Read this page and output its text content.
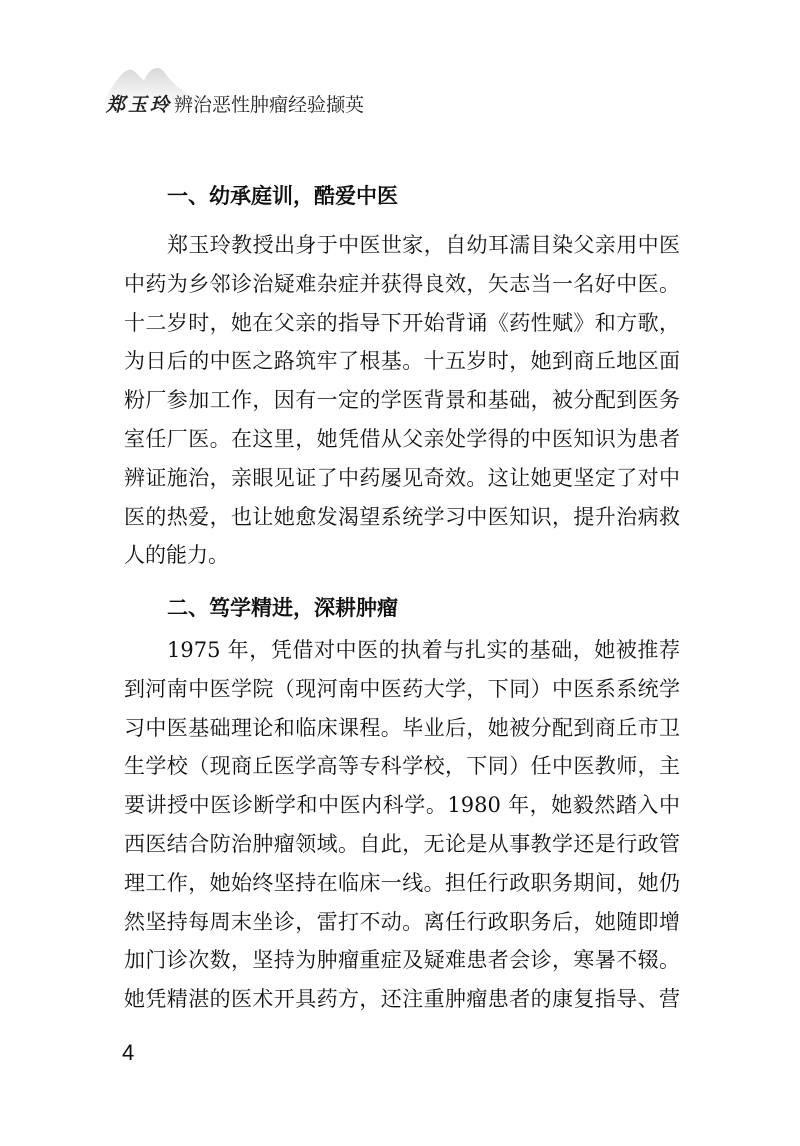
郑玉玲 辨治恶性肿瘤经验撷英
一、幼承庭训，酷爱中医
郑玉玲教授出身于中医世家，自幼耳濡目染父亲用中医
中药为乡邻诊治疑难杂症并获得良效，矢志当一名好中医。
十二岁时，她在父亲的指导下开始背诵《药性赋》和方歌，
为日后的中医之路筑牢了根基。十五岁时，她到商丘地区面
粉厂参加工作，因有一定的学医背景和基础，被分配到医务
室任厂医。在这里，她凭借从父亲处学得的中医知识为患者
辨证施治，亲眼见证了中药屡见奇效。这让她更坚定了对中
医的热爱，也让她愈发渴望系统学习中医知识，提升治病救
人的能力。
二、笃学精进，深耕肿瘤
1975 年，凭借对中医的执着与扎实的基础，她被推荐
到河南中医学院（现河南中医药大学，下同）中医系系统学
习中医基础理论和临床课程。毕业后，她被分配到商丘市卫
生学校（现商丘医学高等专科学校，下同）任中医教师，主
要讲授中医诊断学和中医内科学。1980 年，她毅然踏入中
西医结合防治肿瘤领域。自此，无论是从事教学还是行政管
理工作，她始终坚持在临床一线。担任行政职务期间，她仍
然坚持每周末坐诊，雷打不动。离任行政职务后，她随即增
加门诊次数，坚持为肿瘤重症及疑难患者会诊，寒暑不辍。
她凭精湛的医术开具药方，还注重肿瘤患者的康复指导、营
4
